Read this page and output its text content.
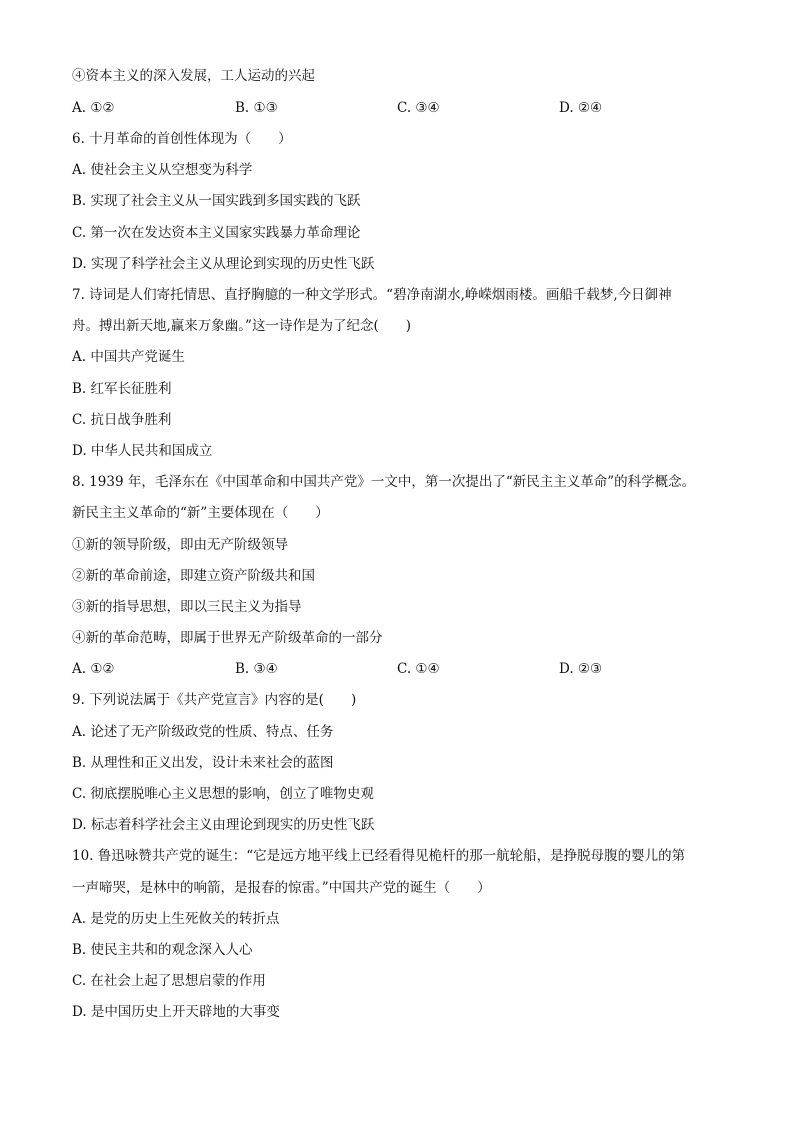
④资本主义的深入发展，工人运动的兴起
A. ①②	B. ①③	C. ③④	D. ②④
6. 十月革命的首创性体现为（　　）
A. 使社会主义从空想变为科学
B. 实现了社会主义从一国实践到多国实践的飞跃
C. 第一次在发达资本主义国家实践暴力革命理论
D. 实现了科学社会主义从理论到实现的历史性飞跃
7. 诗词是人们寄托情思、直抒胸臆的一种文学形式。“碧净南湖水,峥嵘烟雨楼。画船千载梦,今日御神
舟。搏出新天地,赢来万象幽。”这一诗作是为了纪念(　　)
A. 中国共产党诞生
B. 红军长征胜利
C. 抗日战争胜利
D. 中华人民共和国成立
8. 1939 年，毛泽东在《中国革命和中国共产党》一文中，第一次提出了“新民主主义革命”的科学概念。
新民主主义革命的“新”主要体现在（　　）
①新的领导阶级，即由无产阶级领导
②新的革命前途，即建立资产阶级共和国
③新的指导思想，即以三民主义为指导
④新的革命范畴，即属于世界无产阶级革命的一部分
A. ①②	B. ③④	C. ①④	D. ②③
9. 下列说法属于《共产党宣言》内容的是(　　)
A. 论述了无产阶级政党的性质、特点、任务
B. 从理性和正义出发，设计未来社会的蓝图
C. 彻底摆脱唯心主义思想的影响，创立了唯物史观
D. 标志着科学社会主义由理论到现实的历史性飞跃
10. 鲁迅咏赞共产党的诞生：“它是远方地平线上已经看得见桅杆的那一航轮船，是挣脱母腹的婴儿的第
一声啼哭，是林中的响箭，是报春的惊雷。”中国共产党的诞生（　　）
A. 是党的历史上生死攸关的转折点
B. 使民主共和的观念深入人心
C. 在社会上起了思想启蒙的作用
D. 是中国历史上开天辟地的大事变
